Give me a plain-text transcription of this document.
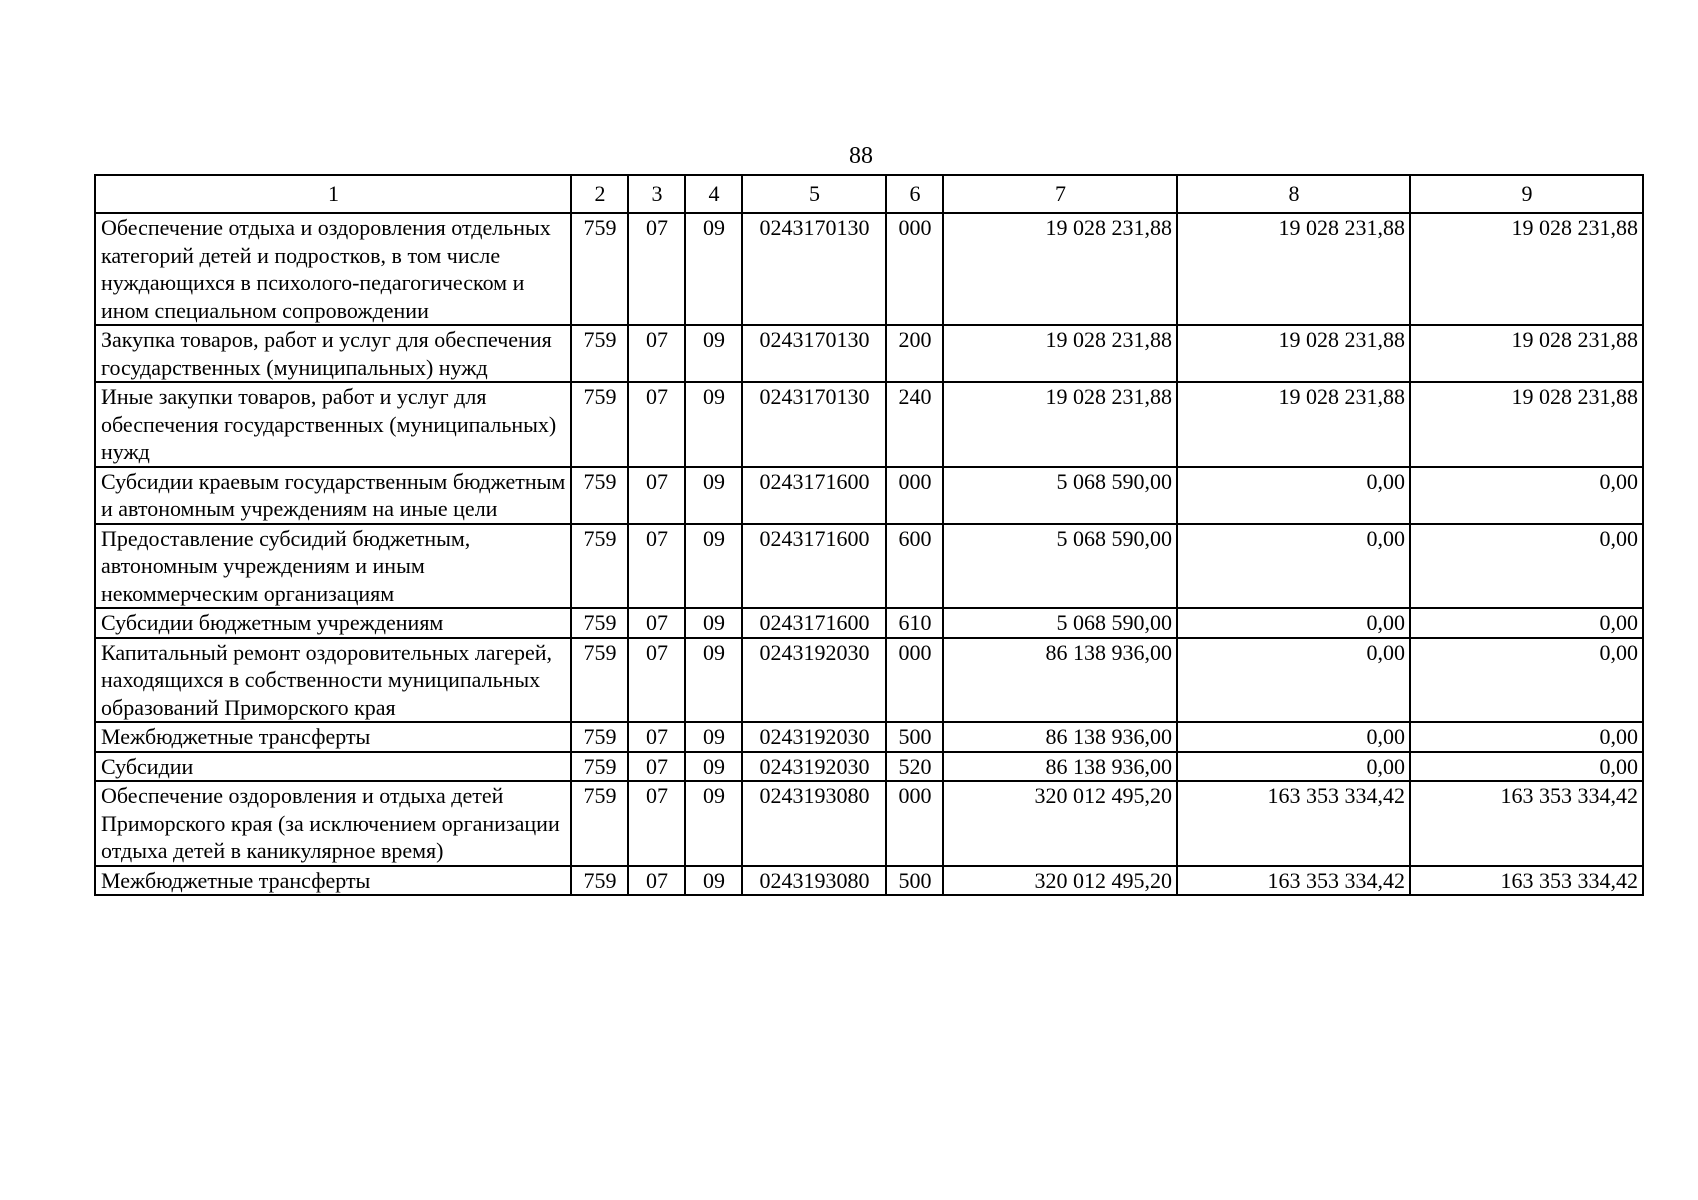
88
1	2	3	4	5	6	7	8	9
Обеспечение отдыха и оздоровления отдельных категорий детей и подростков, в том числе нуждающихся в психолого-педагогическом и ином специальном сопровождении	759	07	09	0243170130	000	19 028 231,88	19 028 231,88	19 028 231,88
Закупка товаров, работ и услуг для обеспечения государственных (муниципальных) нужд	759	07	09	0243170130	200	19 028 231,88	19 028 231,88	19 028 231,88
Иные закупки товаров, работ и услуг для обеспечения государственных (муниципальных) нужд	759	07	09	0243170130	240	19 028 231,88	19 028 231,88	19 028 231,88
Субсидии краевым государственным бюджетным и автономным учреждениям на иные цели	759	07	09	0243171600	000	5 068 590,00	0,00	0,00
Предоставление субсидий бюджетным, автономным учреждениям и иным некоммерческим организациям	759	07	09	0243171600	600	5 068 590,00	0,00	0,00
Субсидии бюджетным учреждениям	759	07	09	0243171600	610	5 068 590,00	0,00	0,00
Капитальный ремонт оздоровительных лагерей, находящихся в собственности муниципальных образований Приморского края	759	07	09	0243192030	000	86 138 936,00	0,00	0,00
Межбюджетные трансферты	759	07	09	0243192030	500	86 138 936,00	0,00	0,00
Субсидии	759	07	09	0243192030	520	86 138 936,00	0,00	0,00
Обеспечение оздоровления и отдыха детей Приморского края (за исключением организации отдыха детей в каникулярное время)	759	07	09	0243193080	000	320 012 495,20	163 353 334,42	163 353 334,42
Межбюджетные трансферты	759	07	09	0243193080	500	320 012 495,20	163 353 334,42	163 353 334,42
